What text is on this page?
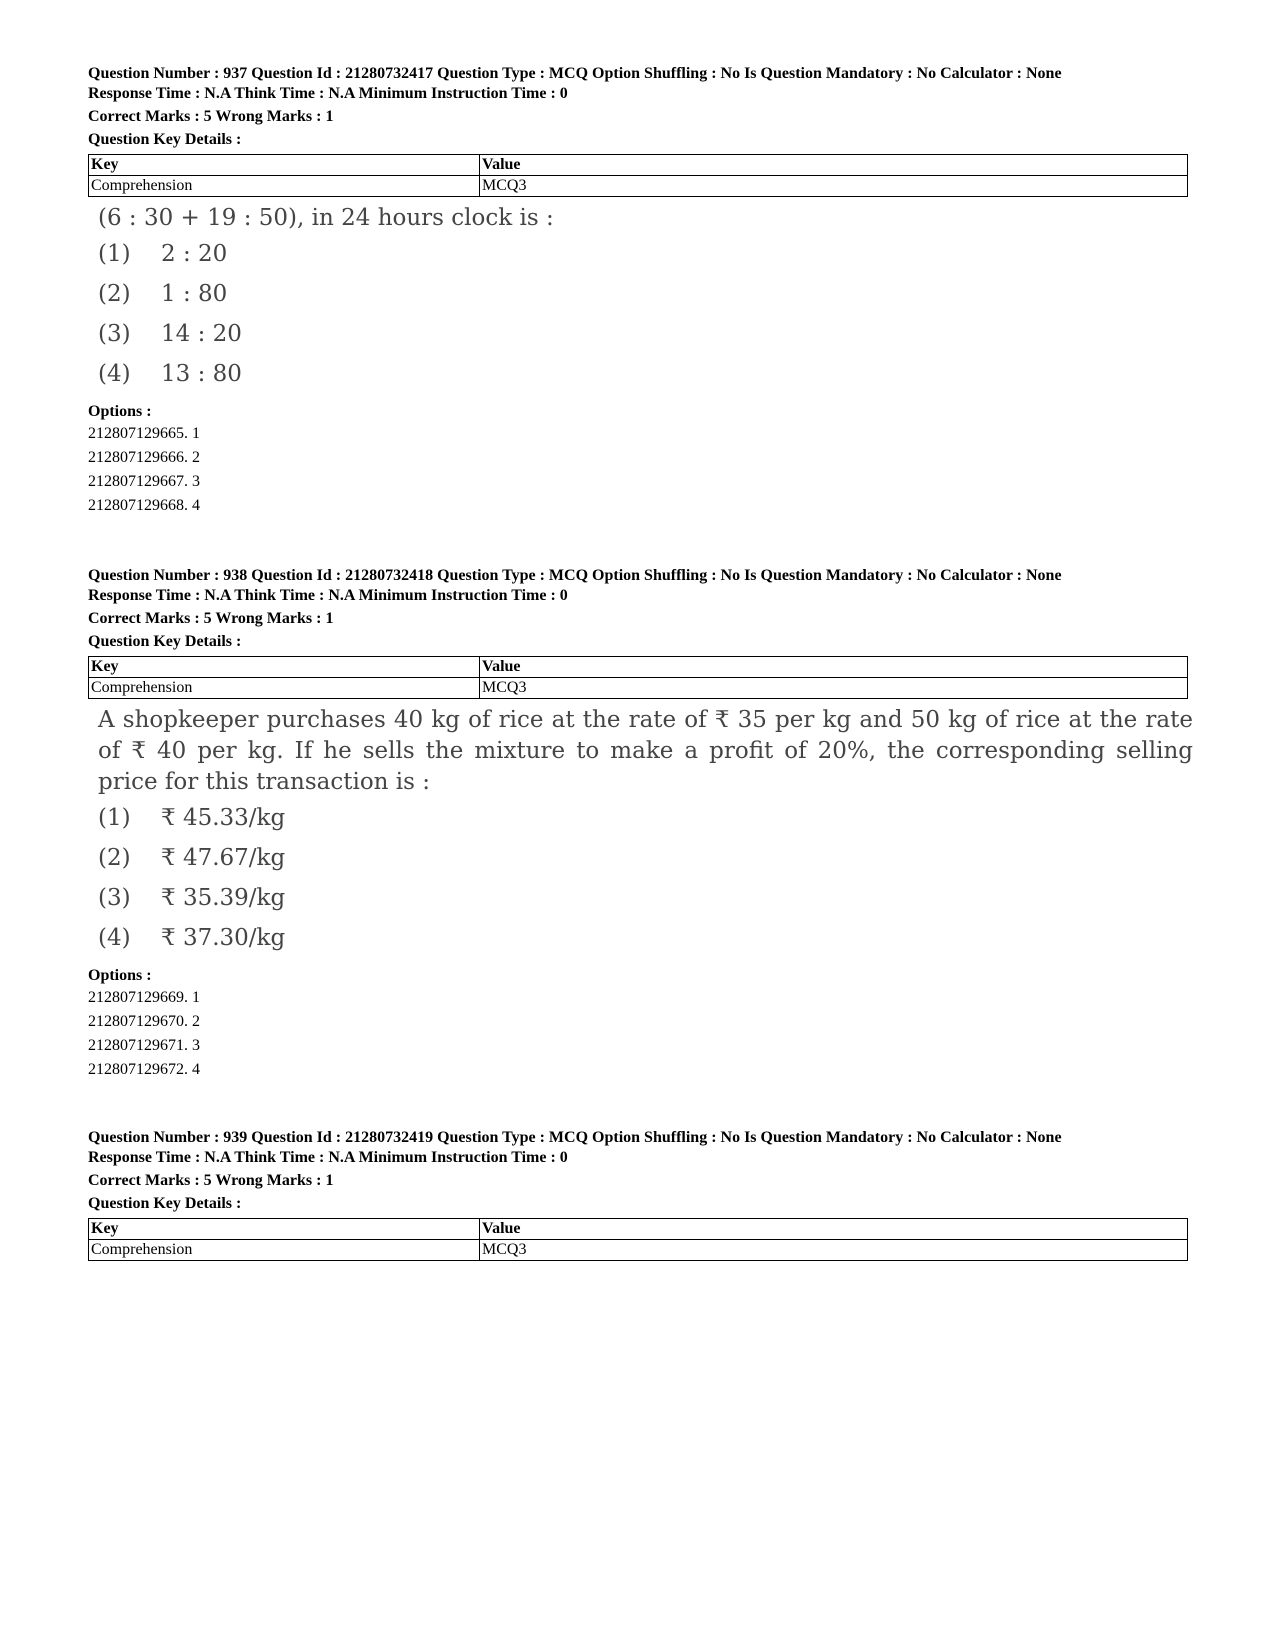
Question Number : 937 Question Id : 21280732417 Question Type : MCQ Option Shuffling : No Is Question Mandatory : No Calculator : None
Response Time : N.A Think Time : N.A Minimum Instruction Time : 0
Correct Marks : 5 Wrong Marks : 1
Question Key Details :
Key	Value
Comprehension	MCQ3
(6 : 30 + 19 : 50), in 24 hours clock is :
(1)	2 : 20
(2)	1 : 80
(3)	14 : 20
(4)	13 : 80
Options :
212807129665. 1
212807129666. 2
212807129667. 3
212807129668. 4
Question Number : 938 Question Id : 21280732418 Question Type : MCQ Option Shuffling : No Is Question Mandatory : No Calculator : None
Response Time : N.A Think Time : N.A Minimum Instruction Time : 0
Correct Marks : 5 Wrong Marks : 1
Question Key Details :
Key	Value
Comprehension	MCQ3
A shopkeeper purchases 40 kg of rice at the rate of ₹ 35 per kg and 50 kg of rice at the rate of ₹ 40 per kg. If he sells the mixture to make a profit of 20%, the corresponding selling price for this transaction is :
(1)	₹ 45.33/kg
(2)	₹ 47.67/kg
(3)	₹ 35.39/kg
(4)	₹ 37.30/kg
Options :
212807129669. 1
212807129670. 2
212807129671. 3
212807129672. 4
Question Number : 939 Question Id : 21280732419 Question Type : MCQ Option Shuffling : No Is Question Mandatory : No Calculator : None
Response Time : N.A Think Time : N.A Minimum Instruction Time : 0
Correct Marks : 5 Wrong Marks : 1
Question Key Details :
Key	Value
Comprehension	MCQ3
